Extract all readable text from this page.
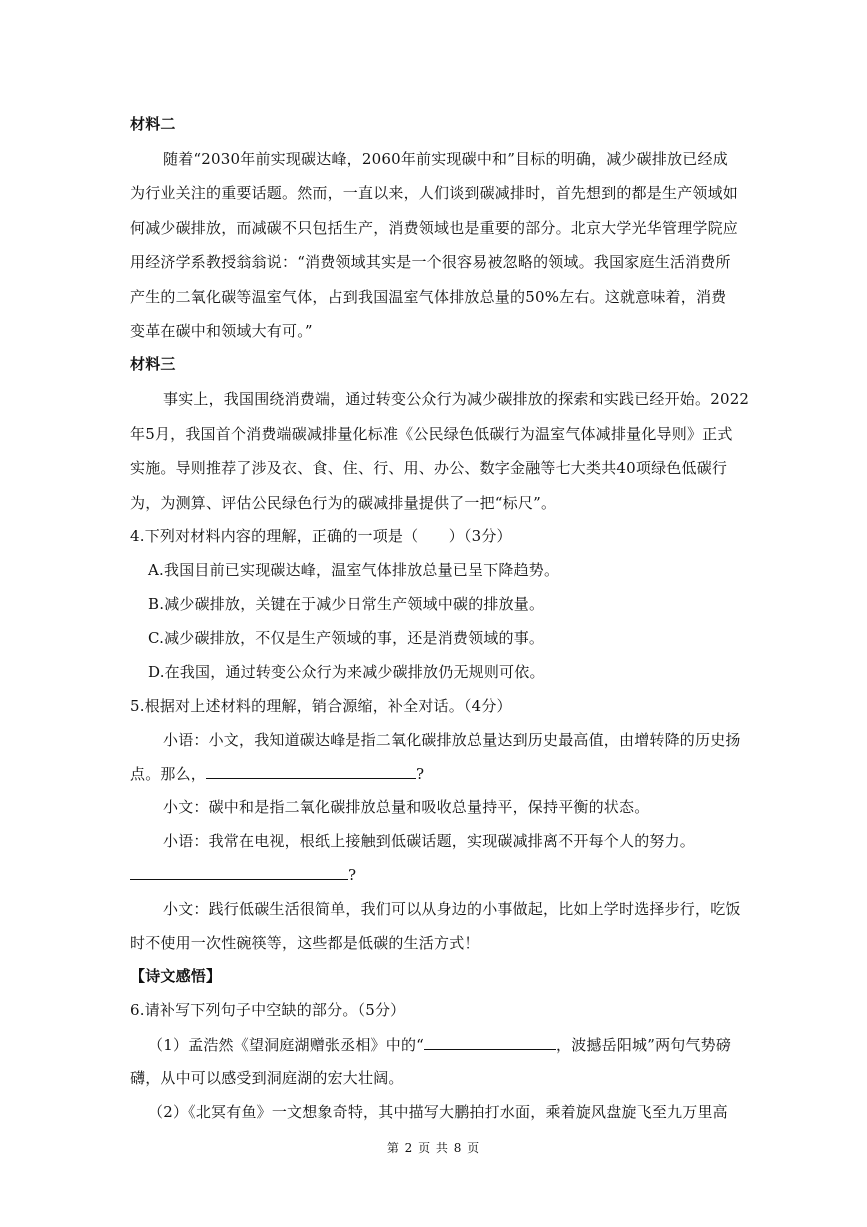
材料二
随着“2030年前实现碳达峰，2060年前实现碳中和”目标的明确，减少碳排放已经成
为行业关注的重要话题。然而，一直以来，人们谈到碳减排时，首先想到的都是生产领域如
何减少碳排放，而减碳不只包括生产，消费领域也是重要的部分。北京大学光华管理学院应
用经济学系教授翁翁说：“消费领域其实是一个很容易被忽略的领域。我国家庭生活消费所
产生的二氧化碳等温室气体，占到我国温室气体排放总量的50%左右。这就意味着，消费
变革在碳中和领域大有可。”
材料三
事实上，我国围绕消费端，通过转变公众行为减少碳排放的探索和实践已经开始。2022
年5月，我国首个消费端碳减排量化标准《公民绿色低碳行为温室气体减排量化导则》正式
实施。导则推荐了涉及衣、食、住、行、用、办公、数字金融等七大类共40项绿色低碳行
为，为测算、评估公民绿色行为的碳减排量提供了一把“标尺”。
4.下列对材料内容的理解，正确的一项是（　　）（3分）
A.我国目前已实现碳达峰，温室气体排放总量已呈下降趋势。
B.减少碳排放，关键在于减少日常生产领域中碳的排放量。
C.减少碳排放，不仅是生产领域的事，还是消费领域的事。
D.在我国，通过转变公众行为来减少碳排放仍无规则可依。
5.根据对上述材料的理解，销合源缩，补全对话。（4分）
小语：小文，我知道碳达峰是指二氧化碳排放总量达到历史最高值，由增转降的历史扬
点。那么，	?
小文：碳中和是指二氧化碳排放总量和吸收总量持平，保持平衡的状态。
小语：我常在电视，根纸上接触到低碳话题，实现碳减排离不开每个人的努力。
?
小文：践行低碳生活很简单，我们可以从身边的小事做起，比如上学时选择步行，吃饭
时不使用一次性碗筷等，这些都是低碳的生活方式！
【诗文感悟】
6.请补写下列句子中空缺的部分。（5分）
（1）孟浩然《望洞庭湖赠张丞相》中的“	，波撼岳阳城”两句气势磅
礴，从中可以感受到洞庭湖的宏大壮阔。
（2）《北冥有鱼》一文想象奇特，其中描写大鹏拍打水面，乘着旋风盘旋飞至九万里高
第 2 页 共 8 页
